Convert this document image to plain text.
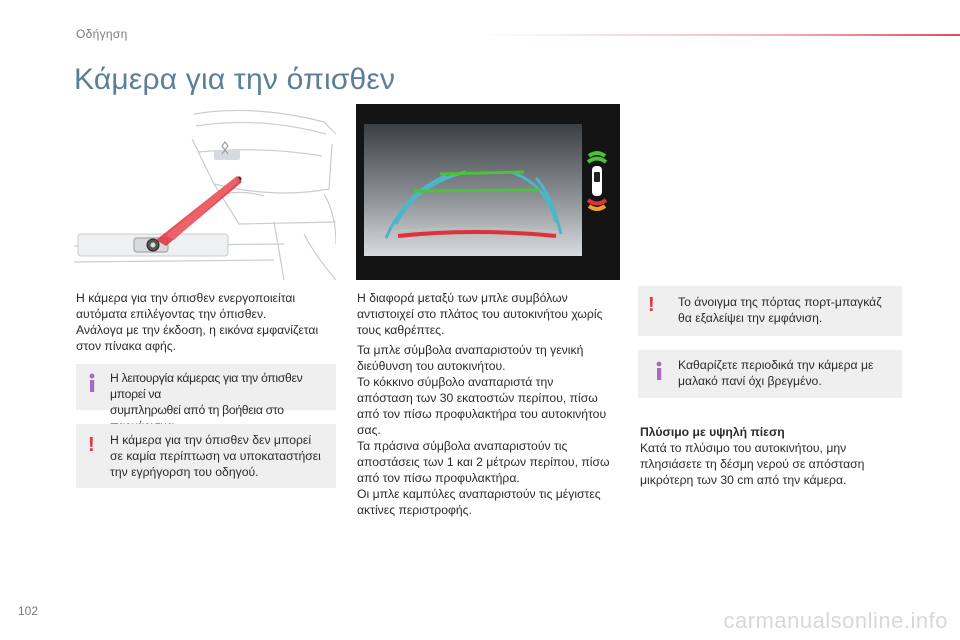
Οδήγηση
Κάμερα για την όπισθεν

Η κάμερα για την όπισθεν ενεργοποιείται

αυτόματα επιλέγοντας την όπισθεν.

Ανάλογα με την έκδοση, η εικόνα εμφανίζεται

στον πίνακα αφής.

Η λειτουργία κάμερας για την όπισθεν μπορεί να
συμπληρωθεί από τη βοήθεια στο
! Η κάμερα για την όπισθεν δεν μπορεί
σε καμία περίπτωση να υποκαταστήσει
την εγρήγορση του οδηγού.

Η διαφορά μεταξύ των μπλε συμβόλων

αντιστοιχεί στο πλάτος του αυτοκινήτου χωρίς

τους καθρέπτες.

Τα μπλε σύμβολα αναπαριστούν τη γενική

διεύθυνση του αυτοκινήτου.

Το κόκκινο σύμβολο αναπαριστά την

απόσταση των 30 εκατοστών περίπου, πίσω

από τον πίσω προφυλακτήρα του αυτοκινήτου

σας.

Τα πράσινα σύμβολα αναπαριστούν τις

αποστάσεις των 1 και 2 μέτρων περίπου, πίσω

από τον πίσω προφυλακτήρα.

Οι μπλε καμπύλες αναπαριστούν τις μέγιστες

ακτίνες περιστροφής.

! Το άνοιγμα της πόρτας πορτ-μπαγκάζ
θα εξαλείψει την εμφάνιση.
Καθαρίζετε περιοδικά την κάμερα με
μαλακό πανί όχι βρεγμένο.

Πλύσιμο με υψηλή πίεση

Κατά το πλύσιμο του αυτοκινήτου, μην

πλησιάσετε τη δέσμη νερού σε απόσταση

μικρότερη των 30 cm από την κάμερα.

102	carmanualsonline.info
